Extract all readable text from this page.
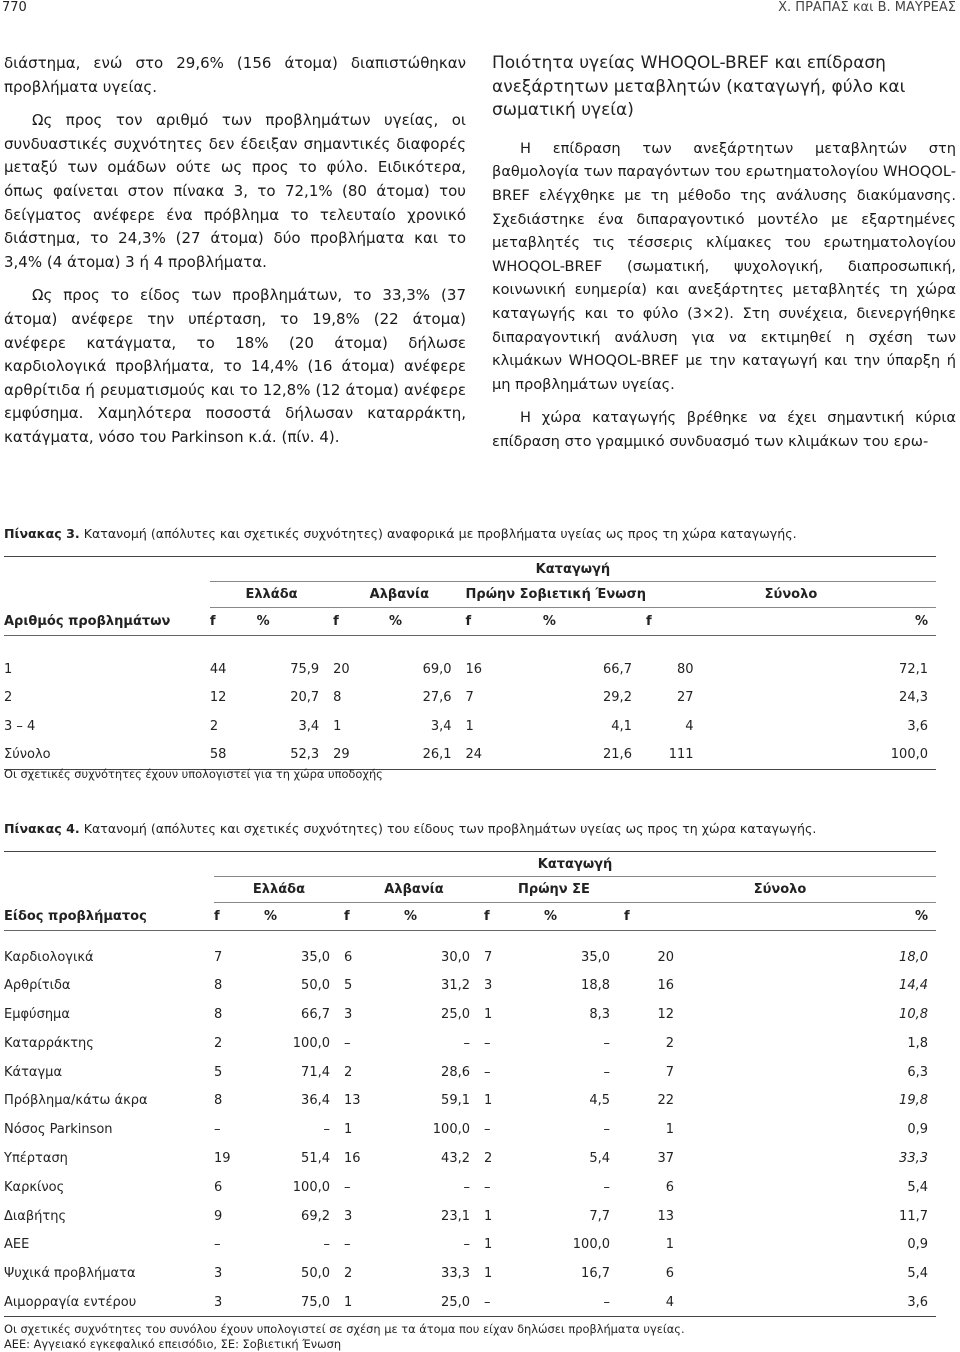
770	Χ. ΠΡΑΠΑΣ και Β. ΜΑΥΡΕΑΣ

διάστημα, ενώ στο 29,6% (156 άτομα) διαπιστώθηκαν προβλήματα υγείας.

Ως προς τον αριθμό των προβλημάτων υγείας, οι συνδυαστικές συχνότητες δεν έδειξαν σημαντικές διαφορές μεταξύ των ομάδων ούτε ως προς το φύλο. Ειδικότερα, όπως φαίνεται στον πίνακα 3, το 72,1% (80 άτομα) του δείγματος ανέφερε ένα πρόβλημα το τελευταίο χρονικό διάστημα, το 24,3% (27 άτομα) δύο προβλήματα και το 3,4% (4 άτομα) 3 ή 4 προβλήματα.

Ως προς το είδος των προβλημάτων, το 33,3% (37 άτομα) ανέφερε την υπέρταση, το 19,8% (22 άτομα) ανέφερε κατάγματα, το 18% (20 άτομα) δήλωσε καρδιολογικά προβλήματα, το 14,4% (16 άτομα) ανέφερε αρθρίτιδα ή ρευματισμούς και το 12,8% (12 άτομα) ανέφερε εμφύσημα. Χαμηλότερα ποσοστά δήλωσαν καταρράκτη, κατάγματα, νόσο του Parkinson κ.ά. (πίν. 4).

Ποιότητα υγείας WHOQOL-BREF και επίδραση ανεξάρτητων μεταβλητών (καταγωγή, φύλο και σωματική υγεία)

Η επίδραση των ανεξάρτητων μεταβλητών στη βαθμολογία των παραγόντων του ερωτηματολογίου WHOQOL-BREF ελέγχθηκε με τη μέθοδο της ανάλυσης διακύμανσης. Σχεδιάστηκε ένα διπαραγοντικό μοντέλο με εξαρτημένες μεταβλητές τις τέσσερις κλίμακες του ερωτηματολογίου WHOQOL-BREF (σωματική, ψυχολογική, διαπροσωπική, κοινωνική ευημερία) και ανεξάρτητες μεταβλητές τη χώρα καταγωγής και το φύλο (3×2). Στη συνέχεια, διενεργήθηκε διπαραγοντική ανάλυση για να εκτιμηθεί η σχέση των κλιμάκων WHOQOL-BREF με την καταγωγή και την ύπαρξη ή μη προβλημάτων υγείας.

Η χώρα καταγωγής βρέθηκε να έχει σημαντική κύρια επίδραση στο γραμμικό συνδυασμό των κλιμάκων του ερω-

Πίνακας 3. Κατανομή (απόλυτες και σχετικές συχνότητες) αναφορικά με προβλήματα υγείας ως προς τη χώρα καταγωγής.
	Καταγωγή							
	Ελλάδα		Αλβανία		Πρώην Σοβιετική Ένωση		Σύνολο	
Αριθμός προβλημάτων	f	%	f	%	f	%	f	%
1	44	75,9	20	69,0	16	66,7	80	72,1
2	12	20,7	8	27,6	7	29,2	27	24,3
3 – 4	2	3,4	1	3,4	1	4,1	4	3,6
Σύνολο	58	52,3	29	26,1	24	21,6	111	100,0
Οι σχετικές συχνότητες έχουν υπολογιστεί για τη χώρα υποδοχής
Πίνακας 4. Κατανομή (απόλυτες και σχετικές συχνότητες) του είδους των προβλημάτων υγείας ως προς τη χώρα καταγωγής.
	Καταγωγή							
	Ελλάδα		Αλβανία		Πρώην ΣΕ		Σύνολο	
Είδος προβλήματος	f	%	f	%	f	%	f	%
Καρδιολογικά	7	35,0	6	30,0	7	35,0	20	18,0
Αρθρίτιδα	8	50,0	5	31,2	3	18,8	16	14,4
Εμφύσημα	8	66,7	3	25,0	1	8,3	12	10,8
Καταρράκτης	2	100,0	–	–	–	–	2	1,8
Κάταγμα	5	71,4	2	28,6	–	–	7	6,3
Πρόβλημα/κάτω άκρα	8	36,4	13	59,1	1	4,5	22	19,8
Νόσος Parkinson	–	–	1	100,0	–	–	1	0,9
Υπέρταση	19	51,4	16	43,2	2	5,4	37	33,3
Καρκίνος	6	100,0	–	–	–	–	6	5,4
Διαβήτης	9	69,2	3	23,1	1	7,7	13	11,7
ΑΕΕ	–	–	–	–	1	100,0	1	0,9
Ψυχικά προβλήματα	3	50,0	2	33,3	1	16,7	6	5,4
Αιμορραγία εντέρου	3	75,0	1	25,0	–	–	4	3,6
Οι σχετικές συχνότητες του συνόλου έχουν υπολογιστεί σε σχέση με τα άτομα που είχαν δηλώσει προβλήματα υγείας.
ΑΕΕ: Αγγειακό εγκεφαλικό επεισόδιο, ΣΕ: Σοβιετική Ένωση
